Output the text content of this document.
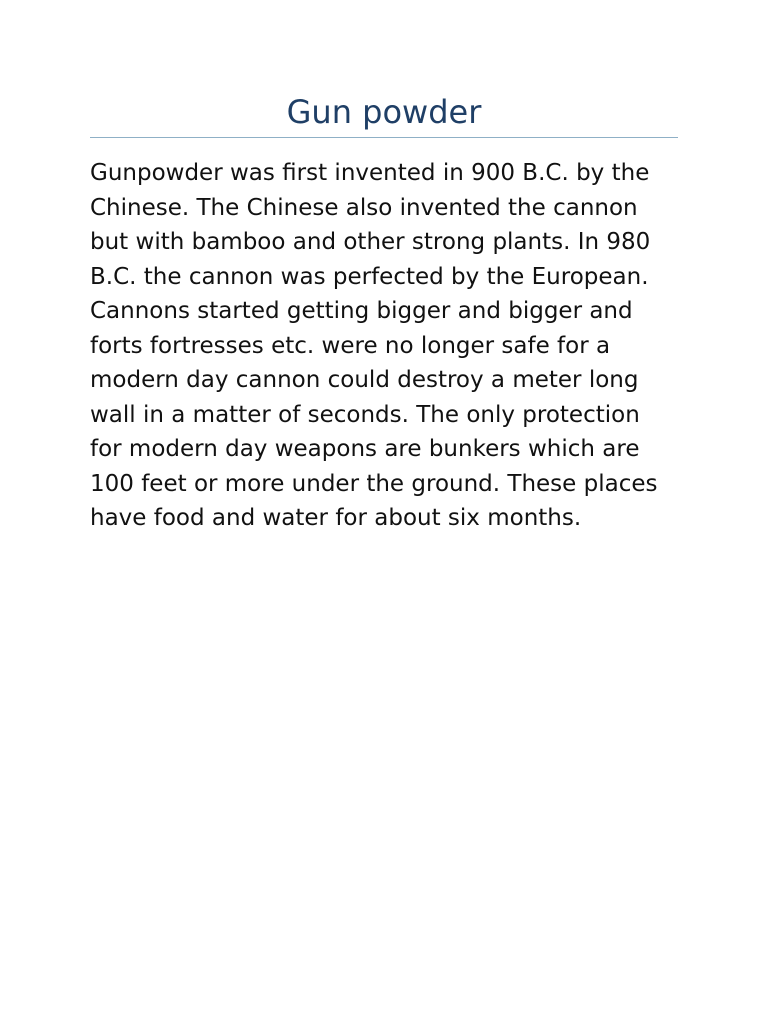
Gun powder

Gunpowder was first invented in 900 B.C. by the Chinese. The Chinese also invented the cannon but with bamboo and other strong plants. In 980 B.C. the cannon was perfected by the European. Cannons started getting bigger and bigger and forts fortresses etc. were no longer safe for a modern day cannon could destroy a meter long wall in a matter of seconds. The only protection for modern day weapons are bunkers which are 100 feet or more under the ground. These places have food and water for about six months.
